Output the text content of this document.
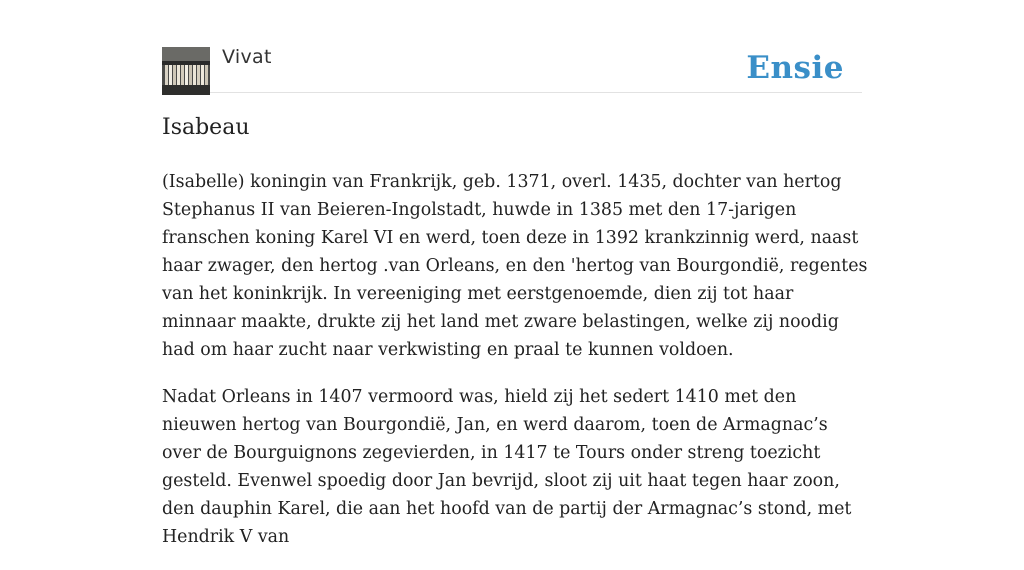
Vivat	Ensie
Isabeau

(Isabelle) koningin van Frankrijk, geb. 1371, overl. 1435, dochter van hertog Stephanus II van Beieren-Ingolstadt, huwde in 1385 met den 17-jarigen franschen koning Karel VI en werd, toen deze in 1392 krankzinnig werd, naast haar zwager, den hertog .van Orleans, en den 'hertog van Bourgondië, regentes van het koninkrijk. In vereeniging met eerstgenoemde, dien zij tot haar minnaar maakte, drukte zij het land met zware belastingen, welke zij noodig had om haar zucht naar verkwisting en praal te kunnen voldoen.

Nadat Orleans in 1407 vermoord was, hield zij het sedert 1410 met den nieuwen hertog van Bourgondië, Jan, en werd daarom, toen de Armagnac’s over de Bourguignons zegevierden, in 1417 te Tours onder streng toezicht gesteld. Evenwel spoedig door Jan bevrijd, sloot zij uit haat tegen haar zoon, den dauphin Karel, die aan het hoofd van de partij der Armagnac’s stond, met Hendrik V van
